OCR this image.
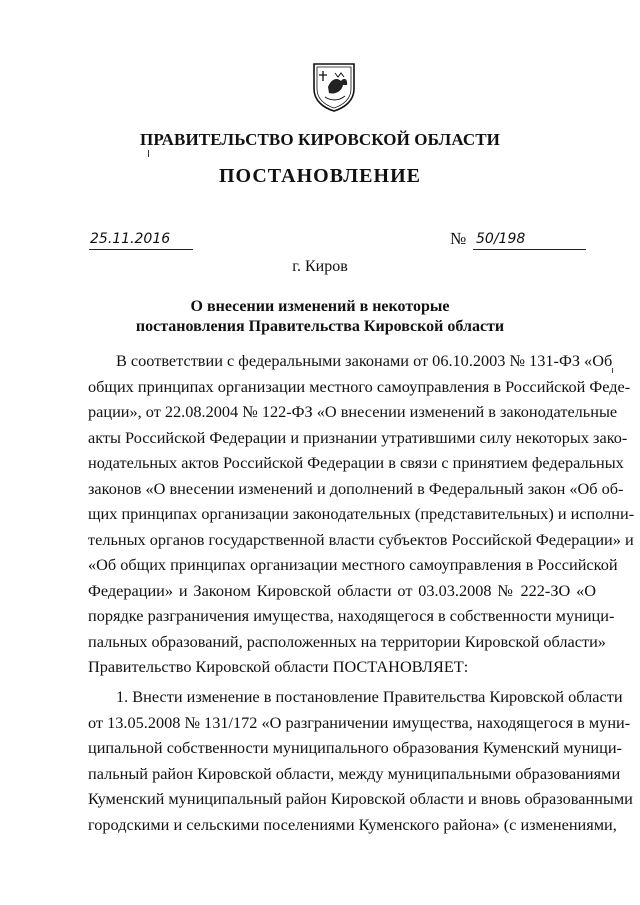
ПРАВИТЕЛЬСТВО КИРОВСКОЙ ОБЛАСТИ
ПОСТАНОВЛЕНИЕ
25.11.2016	№ 50/198
г. Киров
О внесении изменений в некоторые
постановления Правительства Кировской области
В соответствии с федеральными законами от 06.10.2003 № 131-ФЗ «Об
общих принципах организации местного самоуправления в Российской Феде-
рации», от 22.08.2004 № 122-ФЗ «О внесении изменений в законодательные
акты Российской Федерации и признании утратившими силу некоторых зако-
нодательных актов Российской Федерации в связи с принятием федеральных
законов «О внесении изменений и дополнений в Федеральный закон «Об об-
щих принципах организации законодательных (представительных) и исполни-
тельных органов государственной власти субъектов Российской Федерации» и
«Об общих принципах организации местного самоуправления в Российской
Федерации» и Законом Кировской области от 03.03.2008 № 222-ЗО «О
порядке разграничения имущества, находящегося в собственности муници-
пальных образований, расположенных на территории Кировской области»
Правительство Кировской области ПОСТАНОВЛЯЕТ:
1. Внести изменение в постановление Правительства Кировской области
от 13.05.2008 № 131/172 «О разграничении имущества, находящегося в муни-
ципальной собственности муниципального образования Куменский муници-
пальный район Кировской области, между муниципальными образованиями
Куменский муниципальный район Кировской области и вновь образованными
городскими и сельскими поселениями Куменского района» (с изменениями,
